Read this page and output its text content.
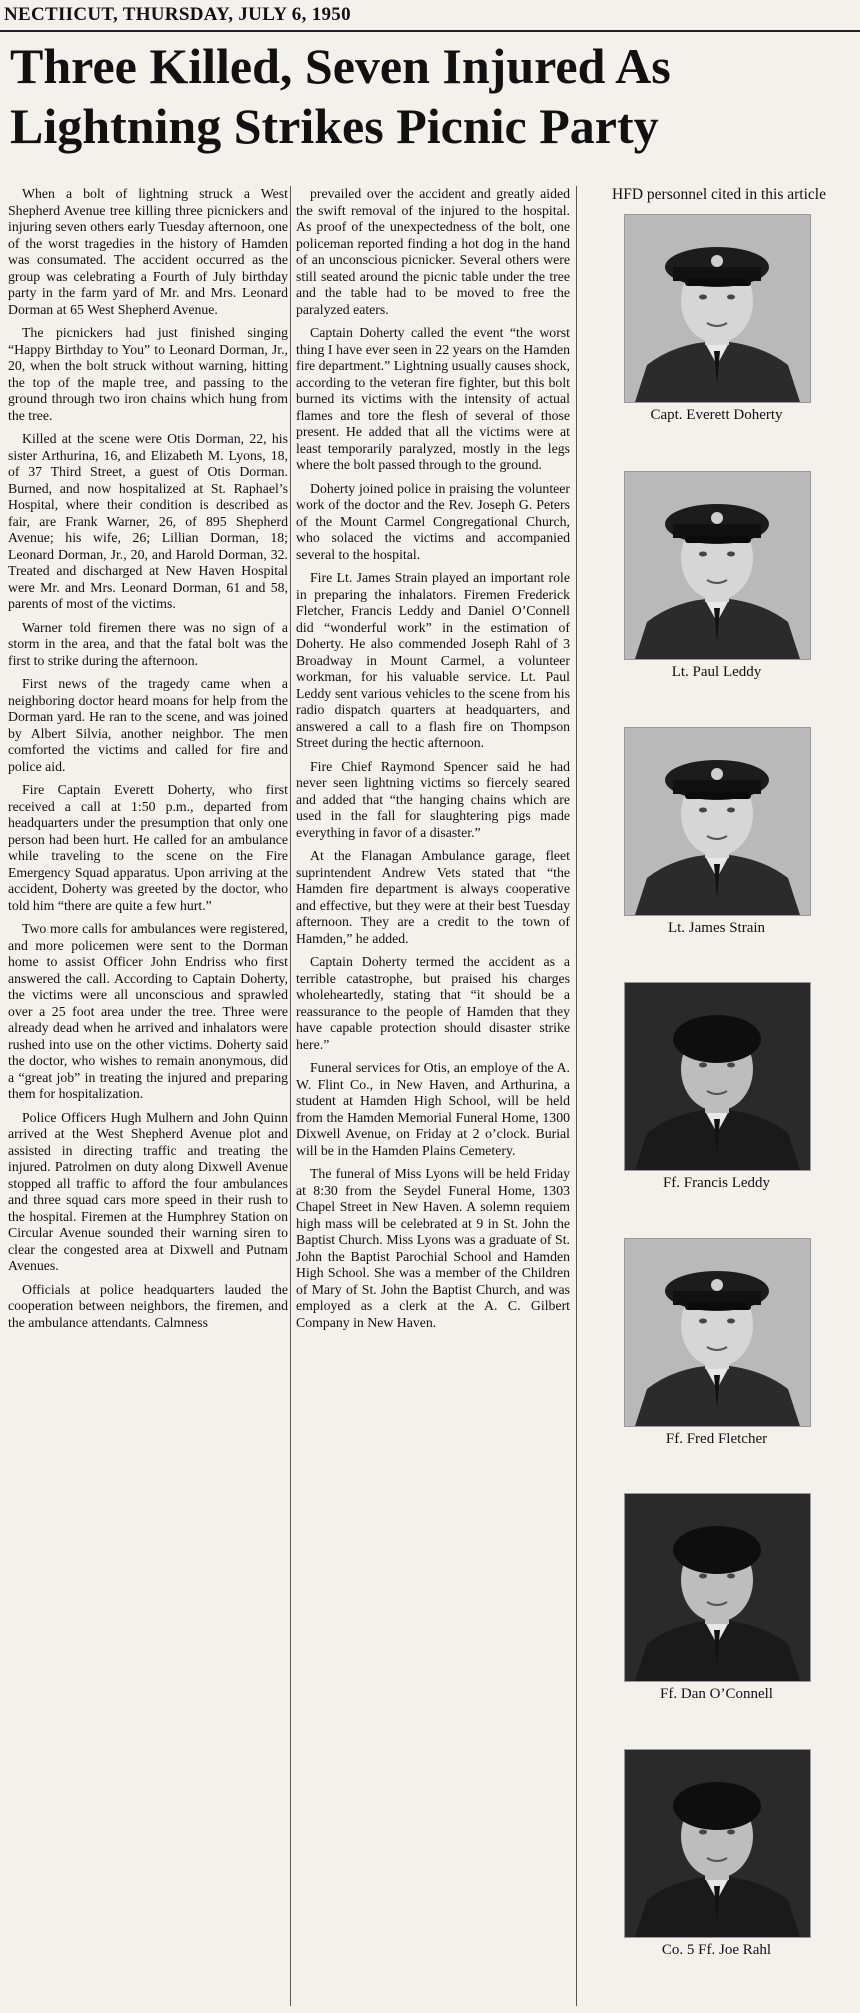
NECTIICUT, THURSDAY, JULY 6, 1950
Three Killed, Seven Injured As
Lightning Strikes Picnic Party

When a bolt of lightning struck a West Shepherd Avenue tree killing three picnickers and injuring seven others early Tuesday afternoon, one of the worst tragedies in the history of Hamden was consumated. The accident occurred as the group was celebrating a Fourth of July birthday party in the farm yard of Mr. and Mrs. Leonard Dorman at 65 West Shepherd Avenue.

The picnickers had just finished singing “Happy Birthday to You” to Leonard Dorman, Jr., 20, when the bolt struck without warning, hitting the top of the maple tree, and passing to the ground through two iron chains which hung from the tree.

Killed at the scene were Otis Dorman, 22, his sister Arthurina, 16, and Elizabeth M. Lyons, 18, of 37 Third Street, a guest of Otis Dorman. Burned, and now hospitalized at St. Raphael’s Hospital, where their condition is described as fair, are Frank Warner, 26, of 895 Shepherd Avenue; his wife, 26; Lillian Dorman, 18; Leonard Dorman, Jr., 20, and Harold Dorman, 32. Treated and discharged at New Haven Hospital were Mr. and Mrs. Leonard Dorman, 61 and 58, parents of most of the victims.

Warner told firemen there was no sign of a storm in the area, and that the fatal bolt was the first to strike during the afternoon.

First news of the tragedy came when a neighboring doctor heard moans for help from the Dorman yard. He ran to the scene, and was joined by Albert Silvia, another neighbor. The men comforted the victims and called for fire and police aid.

Fire Captain Everett Doherty, who first received a call at 1:50 p.m., departed from headquarters under the presumption that only one person had been hurt. He called for an ambulance while traveling to the scene on the Fire Emergency Squad apparatus. Upon arriving at the accident, Doherty was greeted by the doctor, who told him “there are quite a few hurt.”

Two more calls for ambulances were registered, and more policemen were sent to the Dorman home to assist Officer John Endriss who first answered the call. According to Captain Doherty, the victims were all unconscious and sprawled over a 25 foot area under the tree. Three were already dead when he arrived and inhalators were rushed into use on the other victims. Doherty said the doctor, who wishes to remain anonymous, did a “great job” in treating the injured and preparing them for hospitalization.

Police Officers Hugh Mulhern and John Quinn arrived at the West Shepherd Avenue plot and assisted in directing traffic and treating the injured. Patrolmen on duty along Dixwell Avenue stopped all traffic to afford the four ambulances and three squad cars more speed in their rush to the hospital. Firemen at the Humphrey Station on Circular Avenue sounded their warning siren to clear the congested area at Dixwell and Putnam Avenues.

Officials at police headquarters lauded the cooperation between neighbors, the firemen, and the ambulance attendants. Calmness

prevailed over the accident and greatly aided the swift removal of the injured to the hospital. As proof of the unexpectedness of the bolt, one policeman reported finding a hot dog in the hand of an unconscious picnicker. Several others were still seated around the picnic table under the tree and the table had to be moved to free the paralyzed eaters.

Captain Doherty called the event “the worst thing I have ever seen in 22 years on the Hamden fire department.” Lightning usually causes shock, according to the veteran fire fighter, but this bolt burned its victims with the intensity of actual flames and tore the flesh of several of those present. He added that all the victims were at least temporarily paralyzed, mostly in the legs where the bolt passed through to the ground.

Doherty joined police in praising the volunteer work of the doctor and the Rev. Joseph G. Peters of the Mount Carmel Congregational Church, who solaced the victims and accompanied several to the hospital.

Fire Lt. James Strain played an important role in preparing the inhalators. Firemen Frederick Fletcher, Francis Leddy and Daniel O’Connell did “wonderful work” in the estimation of Doherty. He also commended Joseph Rahl of 3 Broadway in Mount Carmel, a volunteer workman, for his valuable service. Lt. Paul Leddy sent various vehicles to the scene from his radio dispatch quarters at headquarters, and answered a call to a flash fire on Thompson Street during the hectic afternoon.

Fire Chief Raymond Spencer said he had never seen lightning victims so fiercely seared and added that “the hanging chains which are used in the fall for slaughtering pigs made everything in favor of a disaster.”

At the Flanagan Ambulance garage, fleet suprintendent Andrew Vets stated that “the Hamden fire department is always cooperative and effective, but they were at their best Tuesday afternoon. They are a credit to the town of Hamden,” he added.

Captain Doherty termed the accident as a terrible catastrophe, but praised his charges wholeheartedly, stating that “it should be a reassurance to the people of Hamden that they have capable protection should disaster strike here.”

Funeral services for Otis, an employe of the A. W. Flint Co., in New Haven, and Arthurina, a student at Hamden High School, will be held from the Hamden Memorial Funeral Home, 1300 Dixwell Avenue, on Friday at 2 o’clock. Burial will be in the Hamden Plains Cemetery.

The funeral of Miss Lyons will be held Friday at 8:30 from the Seydel Funeral Home, 1303 Chapel Street in New Haven. A solemn requiem high mass will be celebrated at 9 in St. John the Baptist Church. Miss Lyons was a graduate of St. John the Baptist Parochial School and Hamden High School. She was a member of the Children of Mary of St. John the Baptist Church, and was employed as a clerk at the A. C. Gilbert Company in New Haven.

HFD personnel cited in this article
Capt. Everett Doherty
Lt. Paul Leddy
Lt. James Strain
Ff. Francis Leddy
Ff. Fred Fletcher
Ff. Dan O’Connell
Co. 5 Ff. Joe Rahl
